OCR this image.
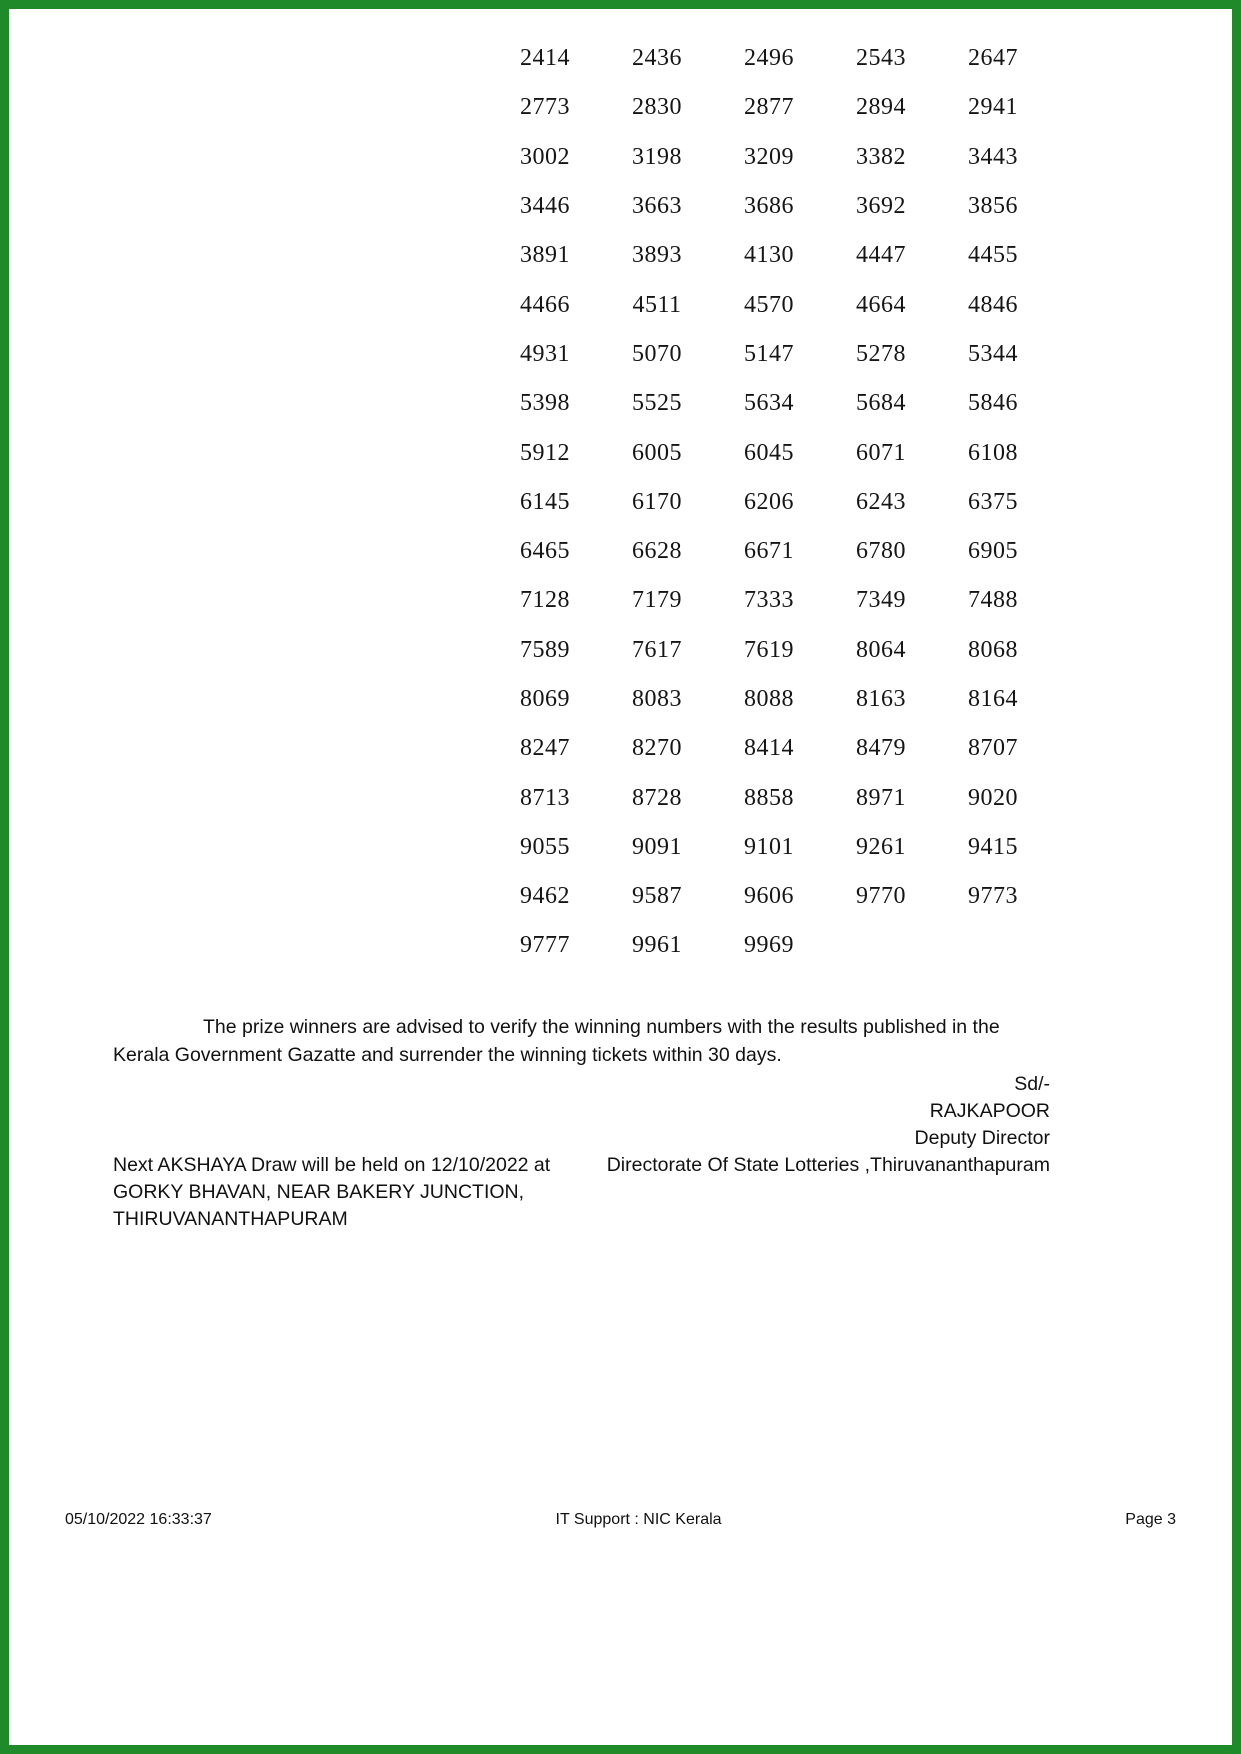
2414	2436	2496	2543	2647
2773	2830	2877	2894	2941
3002	3198	3209	3382	3443
3446	3663	3686	3692	3856
3891	3893	4130	4447	4455
4466	4511	4570	4664	4846
4931	5070	5147	5278	5344
5398	5525	5634	5684	5846
5912	6005	6045	6071	6108
6145	6170	6206	6243	6375
6465	6628	6671	6780	6905
7128	7179	7333	7349	7488
7589	7617	7619	8064	8068
8069	8083	8088	8163	8164
8247	8270	8414	8479	8707
8713	8728	8858	8971	9020
9055	9091	9101	9261	9415
9462	9587	9606	9770	9773
9777	9961	9969
The prize winners are advised to verify the winning numbers with the results published in the Kerala Government Gazatte and surrender the winning tickets within 30 days.
Sd/-
RAJKAPOOR
Deputy Director
Directorate Of State Lotteries ,Thiruvananthapuram
Next AKSHAYA Draw will be held on 12/10/2022 at
GORKY BHAVAN, NEAR BAKERY JUNCTION,
THIRUVANANTHAPURAM
05/10/2022 16:33:37	IT Support : NIC Kerala	Page 3
